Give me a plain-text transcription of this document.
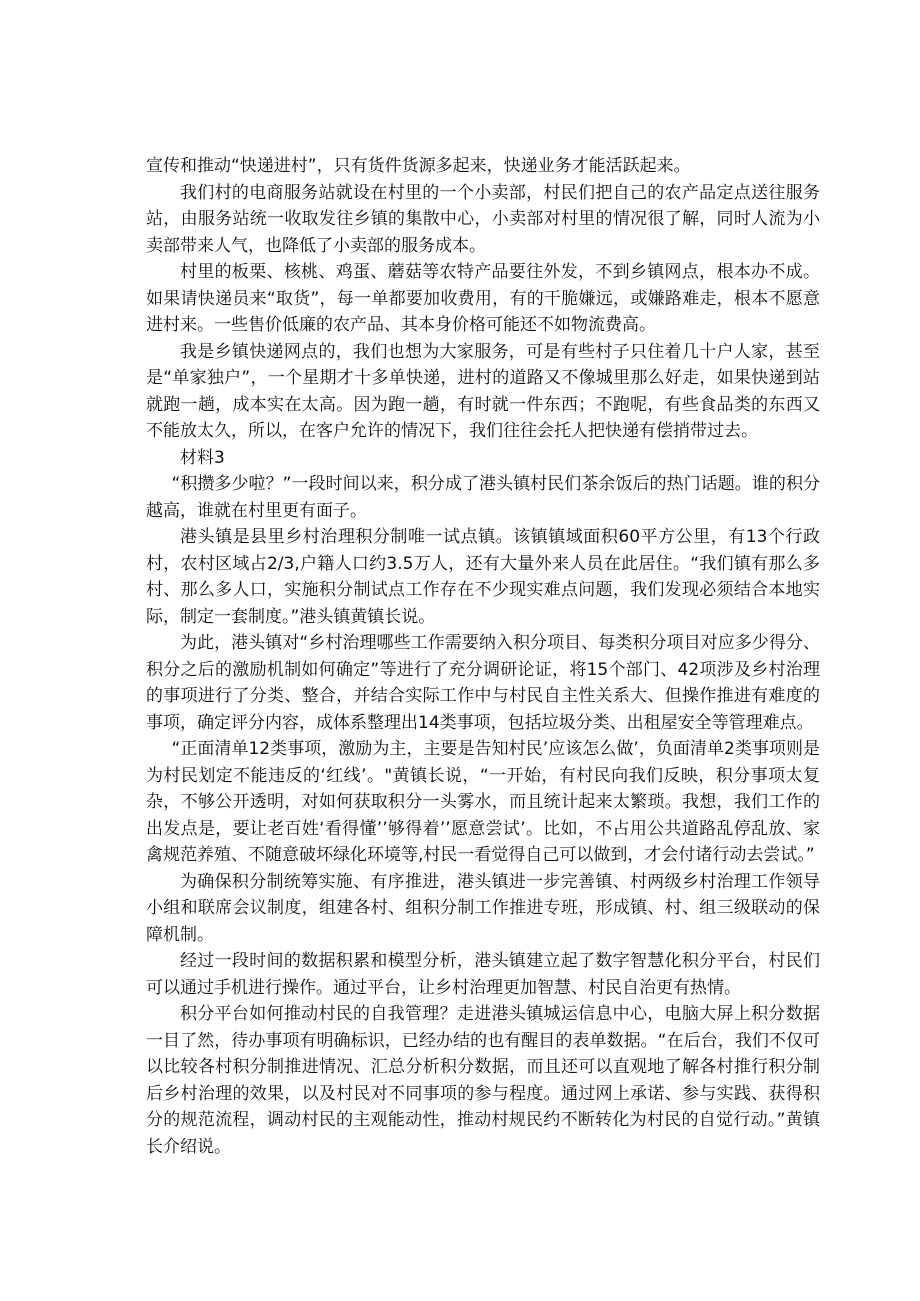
宣传和推动“快递进村”，只有货件货源多起来，快递业务才能活跃起来。

我们村的电商服务站就设在村里的一个小卖部，村民们把自己的农产品定点送往服务站，由服务站统一收取发往乡镇的集散中心，小卖部对村里的情况很了解，同时人流为小卖部带来人气，也降低了小卖部的服务成本。

村里的板栗、核桃、鸡蛋、蘑菇等农特产品要往外发，不到乡镇网点，根本办不成。如果请快递员来“取货”，每一单都要加收费用，有的干脆嫌远，或嫌路难走，根本不愿意进村来。一些售价低廉的农产品、其本身价格可能还不如物流费高。

我是乡镇快递网点的，我们也想为大家服务，可是有些村子只住着几十户人家，甚至是“单家独户”，一个星期才十多单快递，进村的道路又不像城里那么好走，如果快递到站就跑一趟，成本实在太高。因为跑一趟，有时就一件东西；不跑呢，有些食品类的东西又不能放太久，所以，在客户允许的情况下，我们往往会托人把快递有偿捎带过去。

材料3

“积攒多少啦？”一段时间以来，积分成了港头镇村民们茶余饭后的热门话题。谁的积分越高，谁就在村里更有面子。

港头镇是县里乡村治理积分制唯一试点镇。该镇镇域面积60平方公里，有13个行政村，农村区域占2/3,户籍人口约3.5万人，还有大量外来人员在此居住。“我们镇有那么多村、那么多人口，实施积分制试点工作存在不少现实难点问题，我们发现必须结合本地实际，制定一套制度。”港头镇黄镇长说。

为此，港头镇对“乡村治理哪些工作需要纳入积分项目、每类积分项目对应多少得分、积分之后的激励机制如何确定”等进行了充分调研论证，将15个部门、42项涉及乡村治理的事项进行了分类、整合，并结合实际工作中与村民自主性关系大、但操作推进有难度的事项，确定评分内容，成体系整理出14类事项，包括垃圾分类、出租屋安全等管理难点。

“正面清单12类事项，激励为主，主要是告知村民’应该怎么做’，负面清单2类事项则是为村民划定不能违反的‘红线’。"黄镇长说，“一开始，有村民向我们反映，积分事项太复杂，不够公开透明，对如何获取积分一头雾水，而且统计起来太繁琐。我想，我们工作的出发点是，要让老百姓‘看得懂’’够得着’’愿意尝试’。比如，不占用公共道路乱停乱放、家禽规范养殖、不随意破坏绿化环境等,村民一看觉得自己可以做到，才会付诸行动去尝试。”

为确保积分制统筹实施、有序推进，港头镇进一步完善镇、村两级乡村治理工作领导小组和联席会议制度，组建各村、组积分制工作推进专班，形成镇、村、组三级联动的保障机制。

经过一段时间的数据积累和模型分析，港头镇建立起了数字智慧化积分平台，村民们可以通过手机进行操作。通过平台，让乡村治理更加智慧、村民自治更有热情。

积分平台如何推动村民的自我管理？走进港头镇城运信息中心，电脑大屏上积分数据一目了然，待办事项有明确标识，已经办结的也有醒目的表单数据。“在后台，我们不仅可以比较各村积分制推进情况、汇总分析积分数据，而且还可以直观地了解各村推行积分制后乡村治理的效果，以及村民对不同事项的参与程度。通过网上承诺、参与实践、获得积分的规范流程，调动村民的主观能动性，推动村规民约不断转化为村民的自觉行动。”黄镇长介绍说。
